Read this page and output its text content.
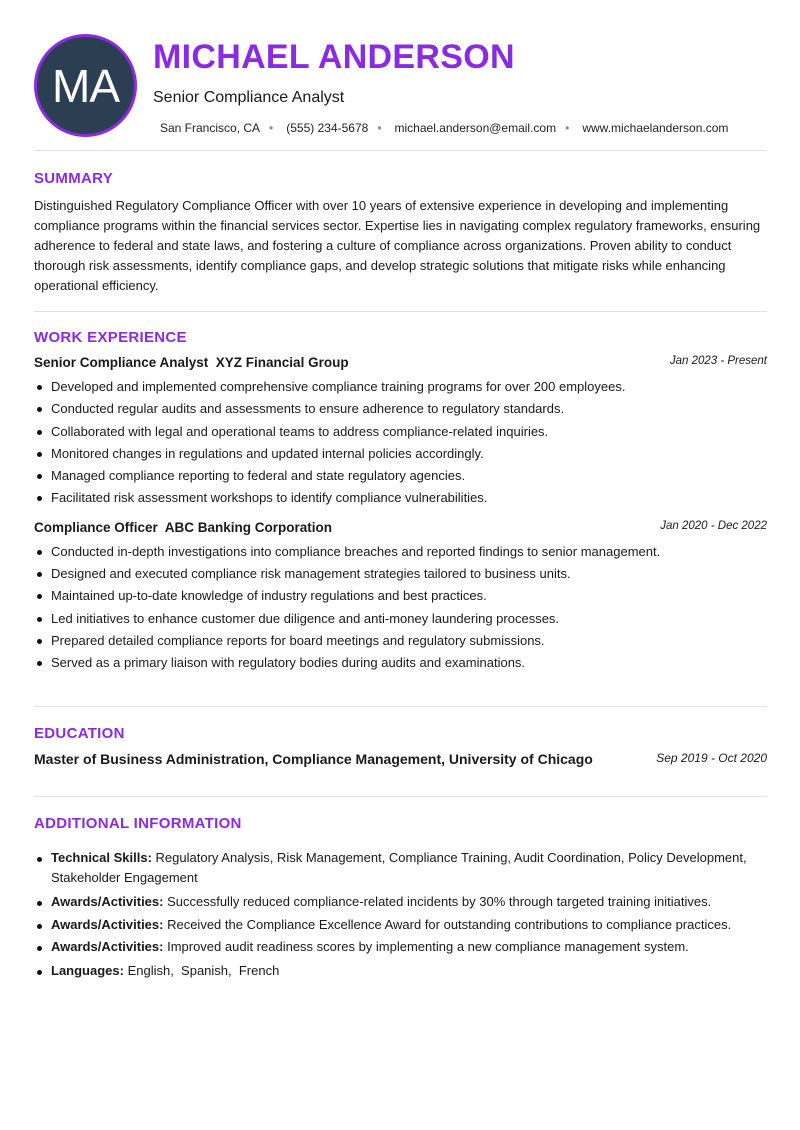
MA
MICHAEL ANDERSON
Senior Compliance Analyst
San Francisco, CA • (555) 234-5678 • michael.anderson@email.com • www.michaelanderson.com
SUMMARY

Distinguished Regulatory Compliance Officer with over 10 years of extensive experience in developing and implementing compliance programs within the financial services sector. Expertise lies in navigating complex regulatory frameworks, ensuring adherence to federal and state laws, and fostering a culture of compliance across organizations. Proven ability to conduct thorough risk assessments, identify compliance gaps, and develop strategic solutions that mitigate risks while enhancing operational efficiency.

WORK EXPERIENCE
Senior Compliance Analyst  XYZ Financial Group	Jan 2023 - Present
Developed and implemented comprehensive compliance training programs for over 200 employees.
Conducted regular audits and assessments to ensure adherence to regulatory standards.
Collaborated with legal and operational teams to address compliance-related inquiries.
Monitored changes in regulations and updated internal policies accordingly.
Managed compliance reporting to federal and state regulatory agencies.
Facilitated risk assessment workshops to identify compliance vulnerabilities.
Compliance Officer  ABC Banking Corporation	Jan 2020 - Dec 2022
Conducted in-depth investigations into compliance breaches and reported findings to senior management.
Designed and executed compliance risk management strategies tailored to business units.
Maintained up-to-date knowledge of industry regulations and best practices.
Led initiatives to enhance customer due diligence and anti-money laundering processes.
Prepared detailed compliance reports for board meetings and regulatory submissions.
Served as a primary liaison with regulatory bodies during audits and examinations.
EDUCATION
Master of Business Administration, Compliance Management, University of Chicago	Sep 2019 - Oct 2020
ADDITIONAL INFORMATION
Technical Skills: Regulatory Analysis, Risk Management, Compliance Training, Audit Coordination, Policy Development, Stakeholder Engagement
Awards/Activities: Successfully reduced compliance-related incidents by 30% through targeted training initiatives.
Awards/Activities: Received the Compliance Excellence Award for outstanding contributions to compliance practices.
Awards/Activities: Improved audit readiness scores by implementing a new compliance management system.
Languages: English,  Spanish,  French
